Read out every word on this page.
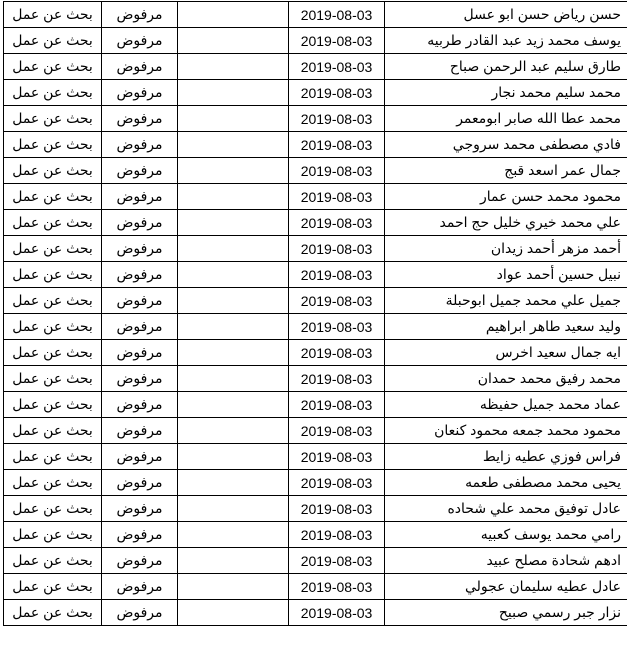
بحث عن عمل	مرفوض		2019-08-03	حسن رياض حسن ابو عسل
بحث عن عمل	مرفوض		2019-08-03	يوسف محمد زيد عبد القادر طربيه
بحث عن عمل	مرفوض		2019-08-03	طارق سليم عبد الرحمن صباح
بحث عن عمل	مرفوض		2019-08-03	محمد سليم محمد نجار
بحث عن عمل	مرفوض		2019-08-03	محمد عطا الله صابر ابومعمر
بحث عن عمل	مرفوض		2019-08-03	فادي مصطفى محمد سروجي
بحث عن عمل	مرفوض		2019-08-03	جمال عمر اسعد قبج
بحث عن عمل	مرفوض		2019-08-03	محمود محمد حسن عمار
بحث عن عمل	مرفوض		2019-08-03	علي محمد خيري خليل حج احمد
بحث عن عمل	مرفوض		2019-08-03	أحمد مزهر أحمد زيدان
بحث عن عمل	مرفوض		2019-08-03	نبيل حسين أحمد عواد
بحث عن عمل	مرفوض		2019-08-03	جميل علي محمد جميل ابوحبلة
بحث عن عمل	مرفوض		2019-08-03	وليد سعيد طاهر ابراهيم
بحث عن عمل	مرفوض		2019-08-03	ايه جمال سعيد اخرس
بحث عن عمل	مرفوض		2019-08-03	محمد رفيق محمد حمدان
بحث عن عمل	مرفوض		2019-08-03	عماد محمد جميل حفيظه
بحث عن عمل	مرفوض		2019-08-03	محمود محمد جمعه محمود كنعان
بحث عن عمل	مرفوض		2019-08-03	فراس فوزي عطيه زايط
بحث عن عمل	مرفوض		2019-08-03	يحيى محمد مصطفى طعمه
بحث عن عمل	مرفوض		2019-08-03	عادل توفيق محمد علي شحاده
بحث عن عمل	مرفوض		2019-08-03	رامي محمد يوسف كعبيه
بحث عن عمل	مرفوض		2019-08-03	ادهم شحادة مصلح عبيد
بحث عن عمل	مرفوض		2019-08-03	عادل عطيه سليمان عجولي
بحث عن عمل	مرفوض		2019-08-03	نزار جبر رسمي صبيح
